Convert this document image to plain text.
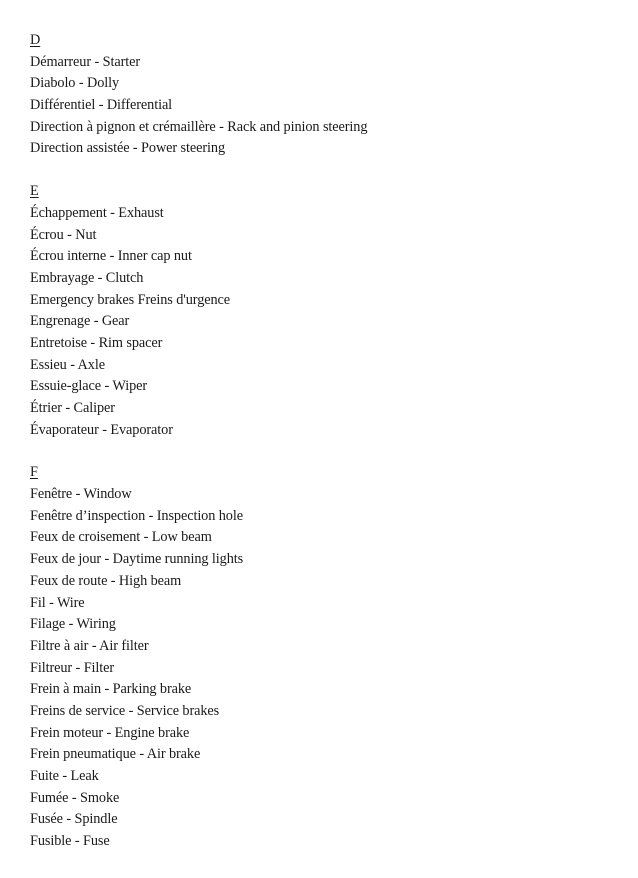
D
Démarreur - Starter
Diabolo - Dolly
Différentiel - Differential
Direction à pignon et crémaillère - Rack and pinion steering
Direction assistée - Power steering
E
Échappement - Exhaust
Écrou - Nut
Écrou interne - Inner cap nut
Embrayage - Clutch
Emergency brakes Freins d'urgence
Engrenage - Gear
Entretoise - Rim spacer
Essieu - Axle
Essuie-glace - Wiper
Étrier - Caliper
Évaporateur - Evaporator
F
Fenêtre - Window
Fenêtre d’inspection - Inspection hole
Feux de croisement - Low beam
Feux de jour - Daytime running lights
Feux de route - High beam
Fil - Wire
Filage - Wiring
Filtre à air - Air filter
Filtreur - Filter
Frein à main - Parking brake
Freins de service - Service brakes
Frein moteur - Engine brake
Frein pneumatique - Air brake
Fuite - Leak
Fumée - Smoke
Fusée - Spindle
Fusible - Fuse
